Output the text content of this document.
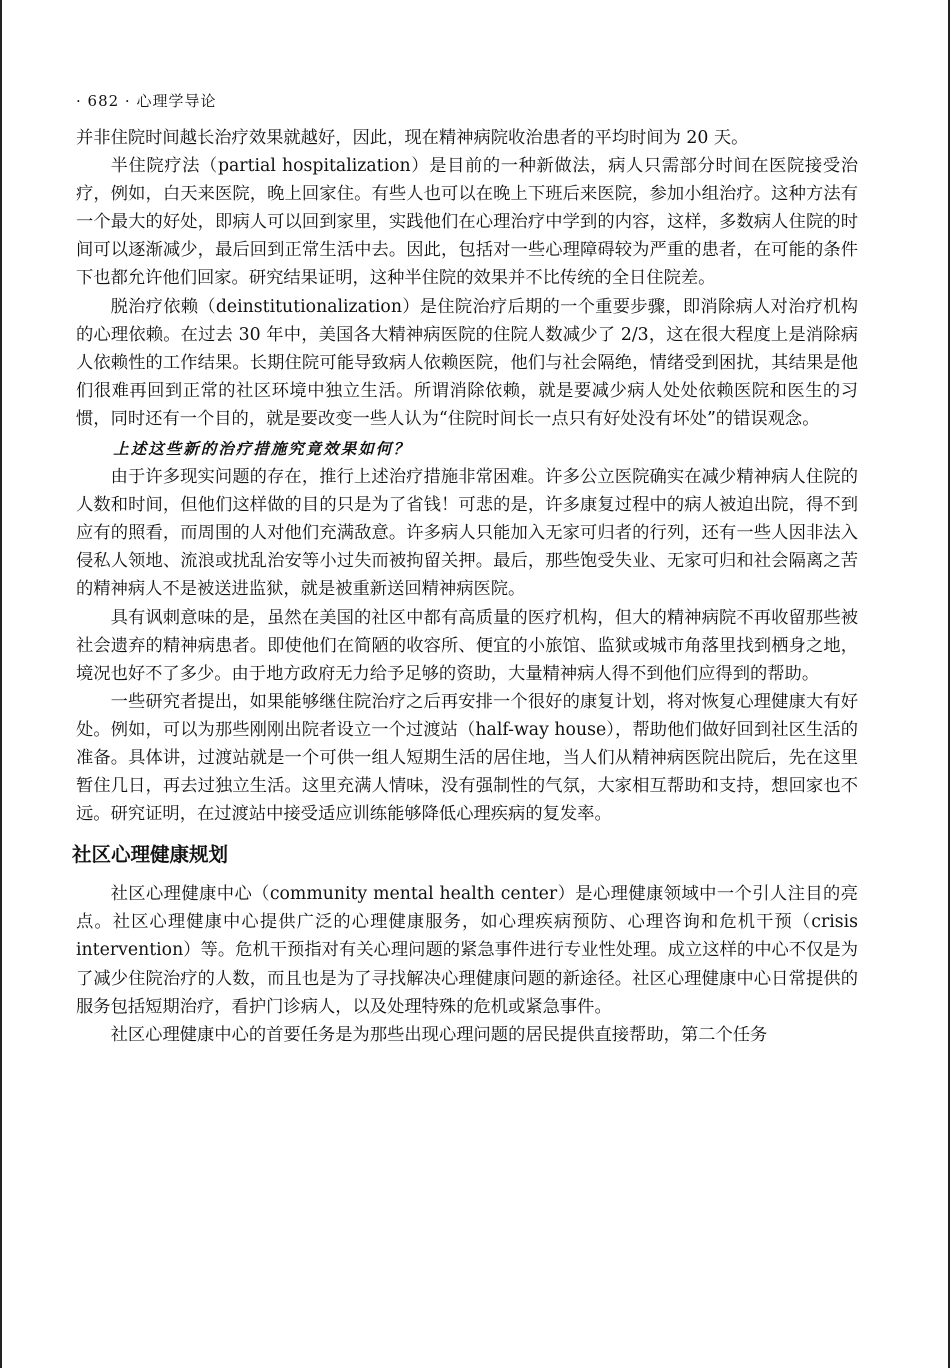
· 682 · 心理学导论

并非住院时间越长治疗效果就越好，因此，现在精神病院收治患者的平均时间为 20 天。

半住院疗法（partial hospitalization）是目前的一种新做法，病人只需部分时间在医院接受治疗，例如，白天来医院，晚上回家住。有些人也可以在晚上下班后来医院，参加小组治疗。这种方法有一个最大的好处，即病人可以回到家里，实践他们在心理治疗中学到的内容，这样，多数病人住院的时间可以逐渐减少，最后回到正常生活中去。因此，包括对一些心理障碍较为严重的患者，在可能的条件下也都允许他们回家。研究结果证明，这种半住院的效果并不比传统的全日住院差。

脱治疗依赖（deinstitutionalization）是住院治疗后期的一个重要步骤，即消除病人对治疗机构的心理依赖。在过去 30 年中，美国各大精神病医院的住院人数减少了 2/3，这在很大程度上是消除病人依赖性的工作结果。长期住院可能导致病人依赖医院，他们与社会隔绝，情绪受到困扰，其结果是他们很难再回到正常的社区环境中独立生活。所谓消除依赖，就是要减少病人处处依赖医院和医生的习惯，同时还有一个目的，就是要改变一些人认为“住院时间长一点只有好处没有坏处”的错误观念。

上述这些新的治疗措施究竟效果如何？

由于许多现实问题的存在，推行上述治疗措施非常困难。许多公立医院确实在减少精神病人住院的人数和时间，但他们这样做的目的只是为了省钱！可悲的是，许多康复过程中的病人被迫出院，得不到应有的照看，而周围的人对他们充满敌意。许多病人只能加入无家可归者的行列，还有一些人因非法入侵私人领地、流浪或扰乱治安等小过失而被拘留关押。最后，那些饱受失业、无家可归和社会隔离之苦的精神病人不是被送进监狱，就是被重新送回精神病医院。

具有讽刺意味的是，虽然在美国的社区中都有高质量的医疗机构，但大的精神病院不再收留那些被社会遗弃的精神病患者。即使他们在简陋的收容所、便宜的小旅馆、监狱或城市角落里找到栖身之地，境况也好不了多少。由于地方政府无力给予足够的资助，大量精神病人得不到他们应得到的帮助。

一些研究者提出，如果能够继住院治疗之后再安排一个很好的康复计划，将对恢复心理健康大有好处。例如，可以为那些刚刚出院者设立一个过渡站（half-way house），帮助他们做好回到社区生活的准备。具体讲，过渡站就是一个可供一组人短期生活的居住地，当人们从精神病医院出院后，先在这里暂住几日，再去过独立生活。这里充满人情味，没有强制性的气氛，大家相互帮助和支持，想回家也不远。研究证明，在过渡站中接受适应训练能够降低心理疾病的复发率。

社区心理健康规划

社区心理健康中心（community mental health center）是心理健康领域中一个引人注目的亮点。社区心理健康中心提供广泛的心理健康服务，如心理疾病预防、心理咨询和危机干预（crisis intervention）等。危机干预指对有关心理问题的紧急事件进行专业性处理。成立这样的中心不仅是为了减少住院治疗的人数，而且也是为了寻找解决心理健康问题的新途径。社区心理健康中心日常提供的服务包括短期治疗，看护门诊病人，以及处理特殊的危机或紧急事件。

社区心理健康中心的首要任务是为那些出现心理问题的居民提供直接帮助，第二个任务
